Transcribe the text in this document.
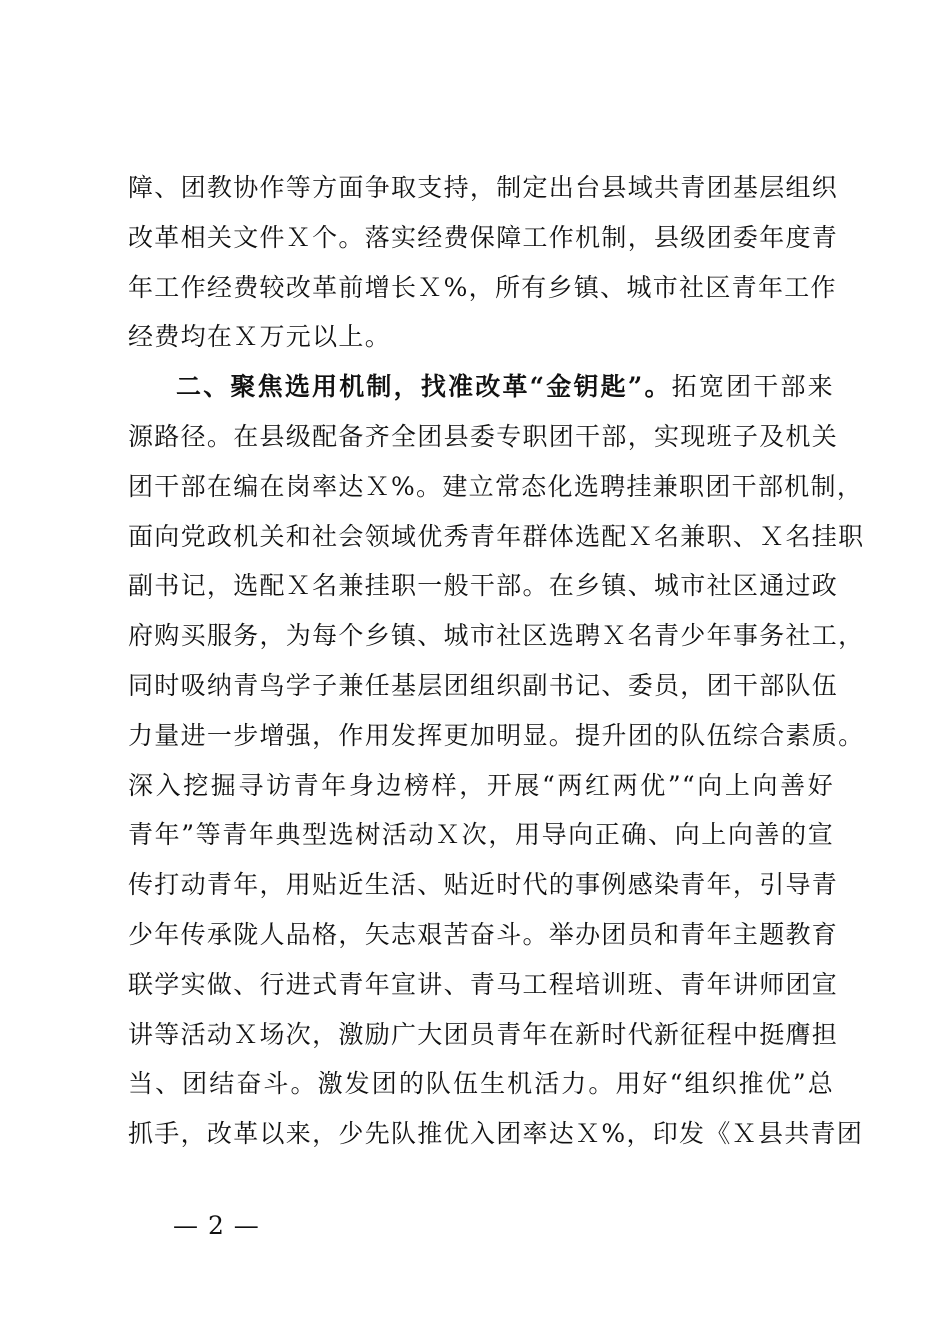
障、团教协作等方面争取支持，制定出台县域共青团基层组织
改革相关文件Ｘ个。落实经费保障工作机制，县级团委年度青
年工作经费较改革前增长Ｘ%，所有乡镇、城市社区青年工作
经费均在Ｘ万元以上。
二、聚焦选用机制，找准改革“金钥匙”。拓宽团干部来
源路径。在县级配备齐全团县委专职团干部，实现班子及机关
团干部在编在岗率达Ｘ%。建立常态化选聘挂兼职团干部机制，
面向党政机关和社会领域优秀青年群体选配Ｘ名兼职、Ｘ名挂职
副书记，选配Ｘ名兼挂职一般干部。在乡镇、城市社区通过政
府购买服务，为每个乡镇、城市社区选聘Ｘ名青少年事务社工，
同时吸纳青鸟学子兼任基层团组织副书记、委员，团干部队伍
力量进一步增强，作用发挥更加明显。提升团的队伍综合素质。
深入挖掘寻访青年身边榜样，开展“两红两优”“向上向善好
青年”等青年典型选树活动Ｘ次，用导向正确、向上向善的宣
传打动青年，用贴近生活、贴近时代的事例感染青年，引导青
少年传承陇人品格，矢志艰苦奋斗。举办团员和青年主题教育
联学实做、行进式青年宣讲、青马工程培训班、青年讲师团宣
讲等活动Ｘ场次，激励广大团员青年在新时代新征程中挺膺担
当、团结奋斗。激发团的队伍生机活力。用好“组织推优”总
抓手，改革以来，少先队推优入团率达Ｘ%，印发《Ｘ县共青团
— 2 —
